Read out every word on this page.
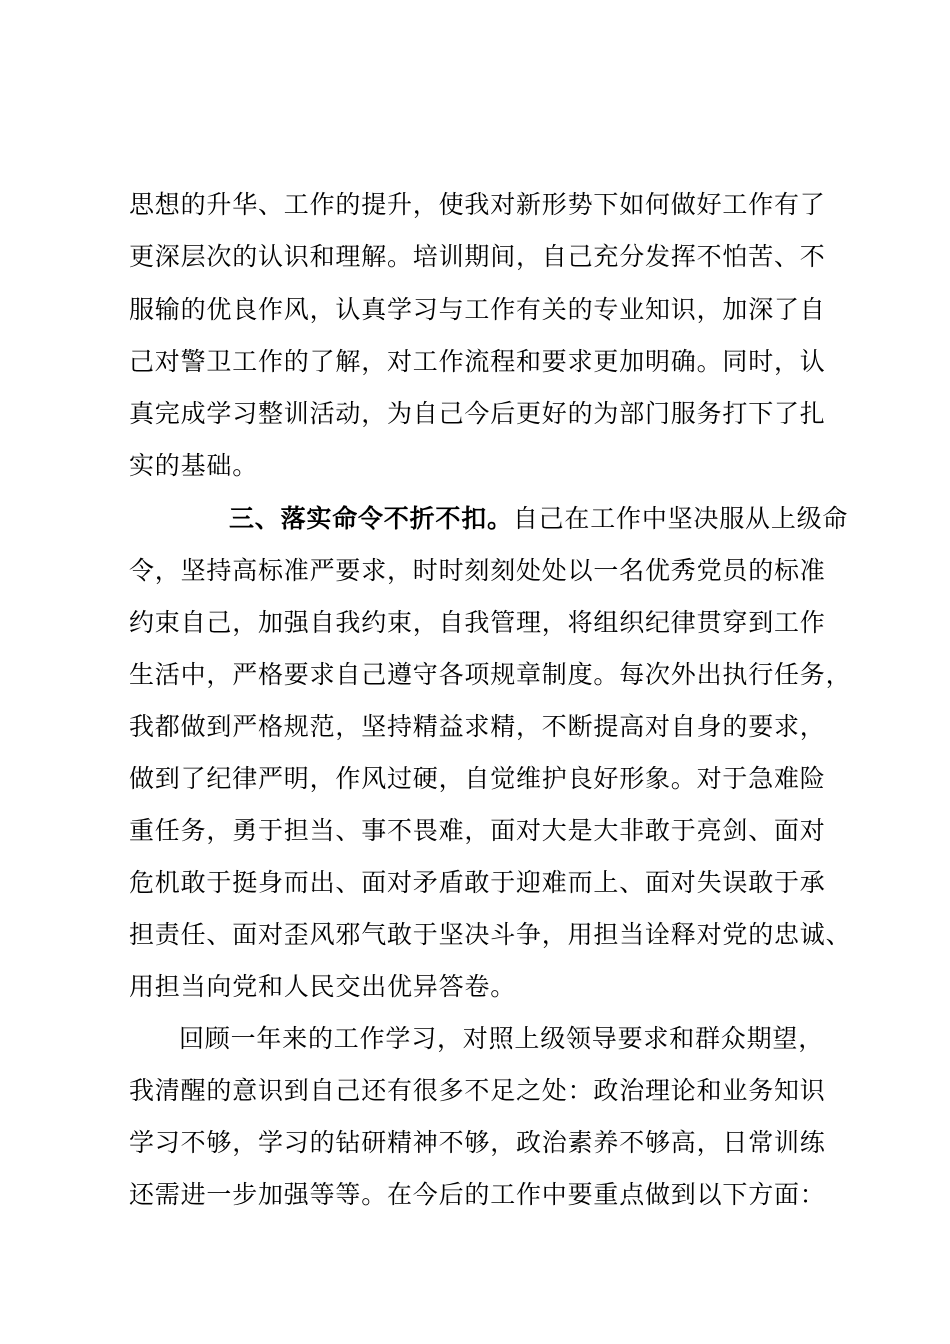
思想的升华、工作的提升，使我对新形势下如何做好工作有了
更深层次的认识和理解。培训期间，自己充分发挥不怕苦、不
服输的优良作风，认真学习与工作有关的专业知识，加深了自
己对警卫工作的了解，对工作流程和要求更加明确。同时，认
真完成学习整训活动，为自己今后更好的为部门服务打下了扎
实的基础。
三、落实命令不折不扣。自己在工作中坚决服从上级命
令，坚持高标准严要求，时时刻刻处处以一名优秀党员的标准
约束自己，加强自我约束，自我管理，将组织纪律贯穿到工作
生活中，严格要求自己遵守各项规章制度。每次外出执行任务，
我都做到严格规范，坚持精益求精，不断提高对自身的要求，
做到了纪律严明，作风过硬，自觉维护良好形象。对于急难险
重任务，勇于担当、事不畏难，面对大是大非敢于亮剑、面对
危机敢于挺身而出、面对矛盾敢于迎难而上、面对失误敢于承
担责任、面对歪风邪气敢于坚决斗争，用担当诠释对党的忠诚、
用担当向党和人民交出优异答卷。
回顾一年来的工作学习，对照上级领导要求和群众期望，
我清醒的意识到自己还有很多不足之处：政治理论和业务知识
学习不够，学习的钻研精神不够，政治素养不够高，日常训练
还需进一步加强等等。在今后的工作中要重点做到以下方面：
